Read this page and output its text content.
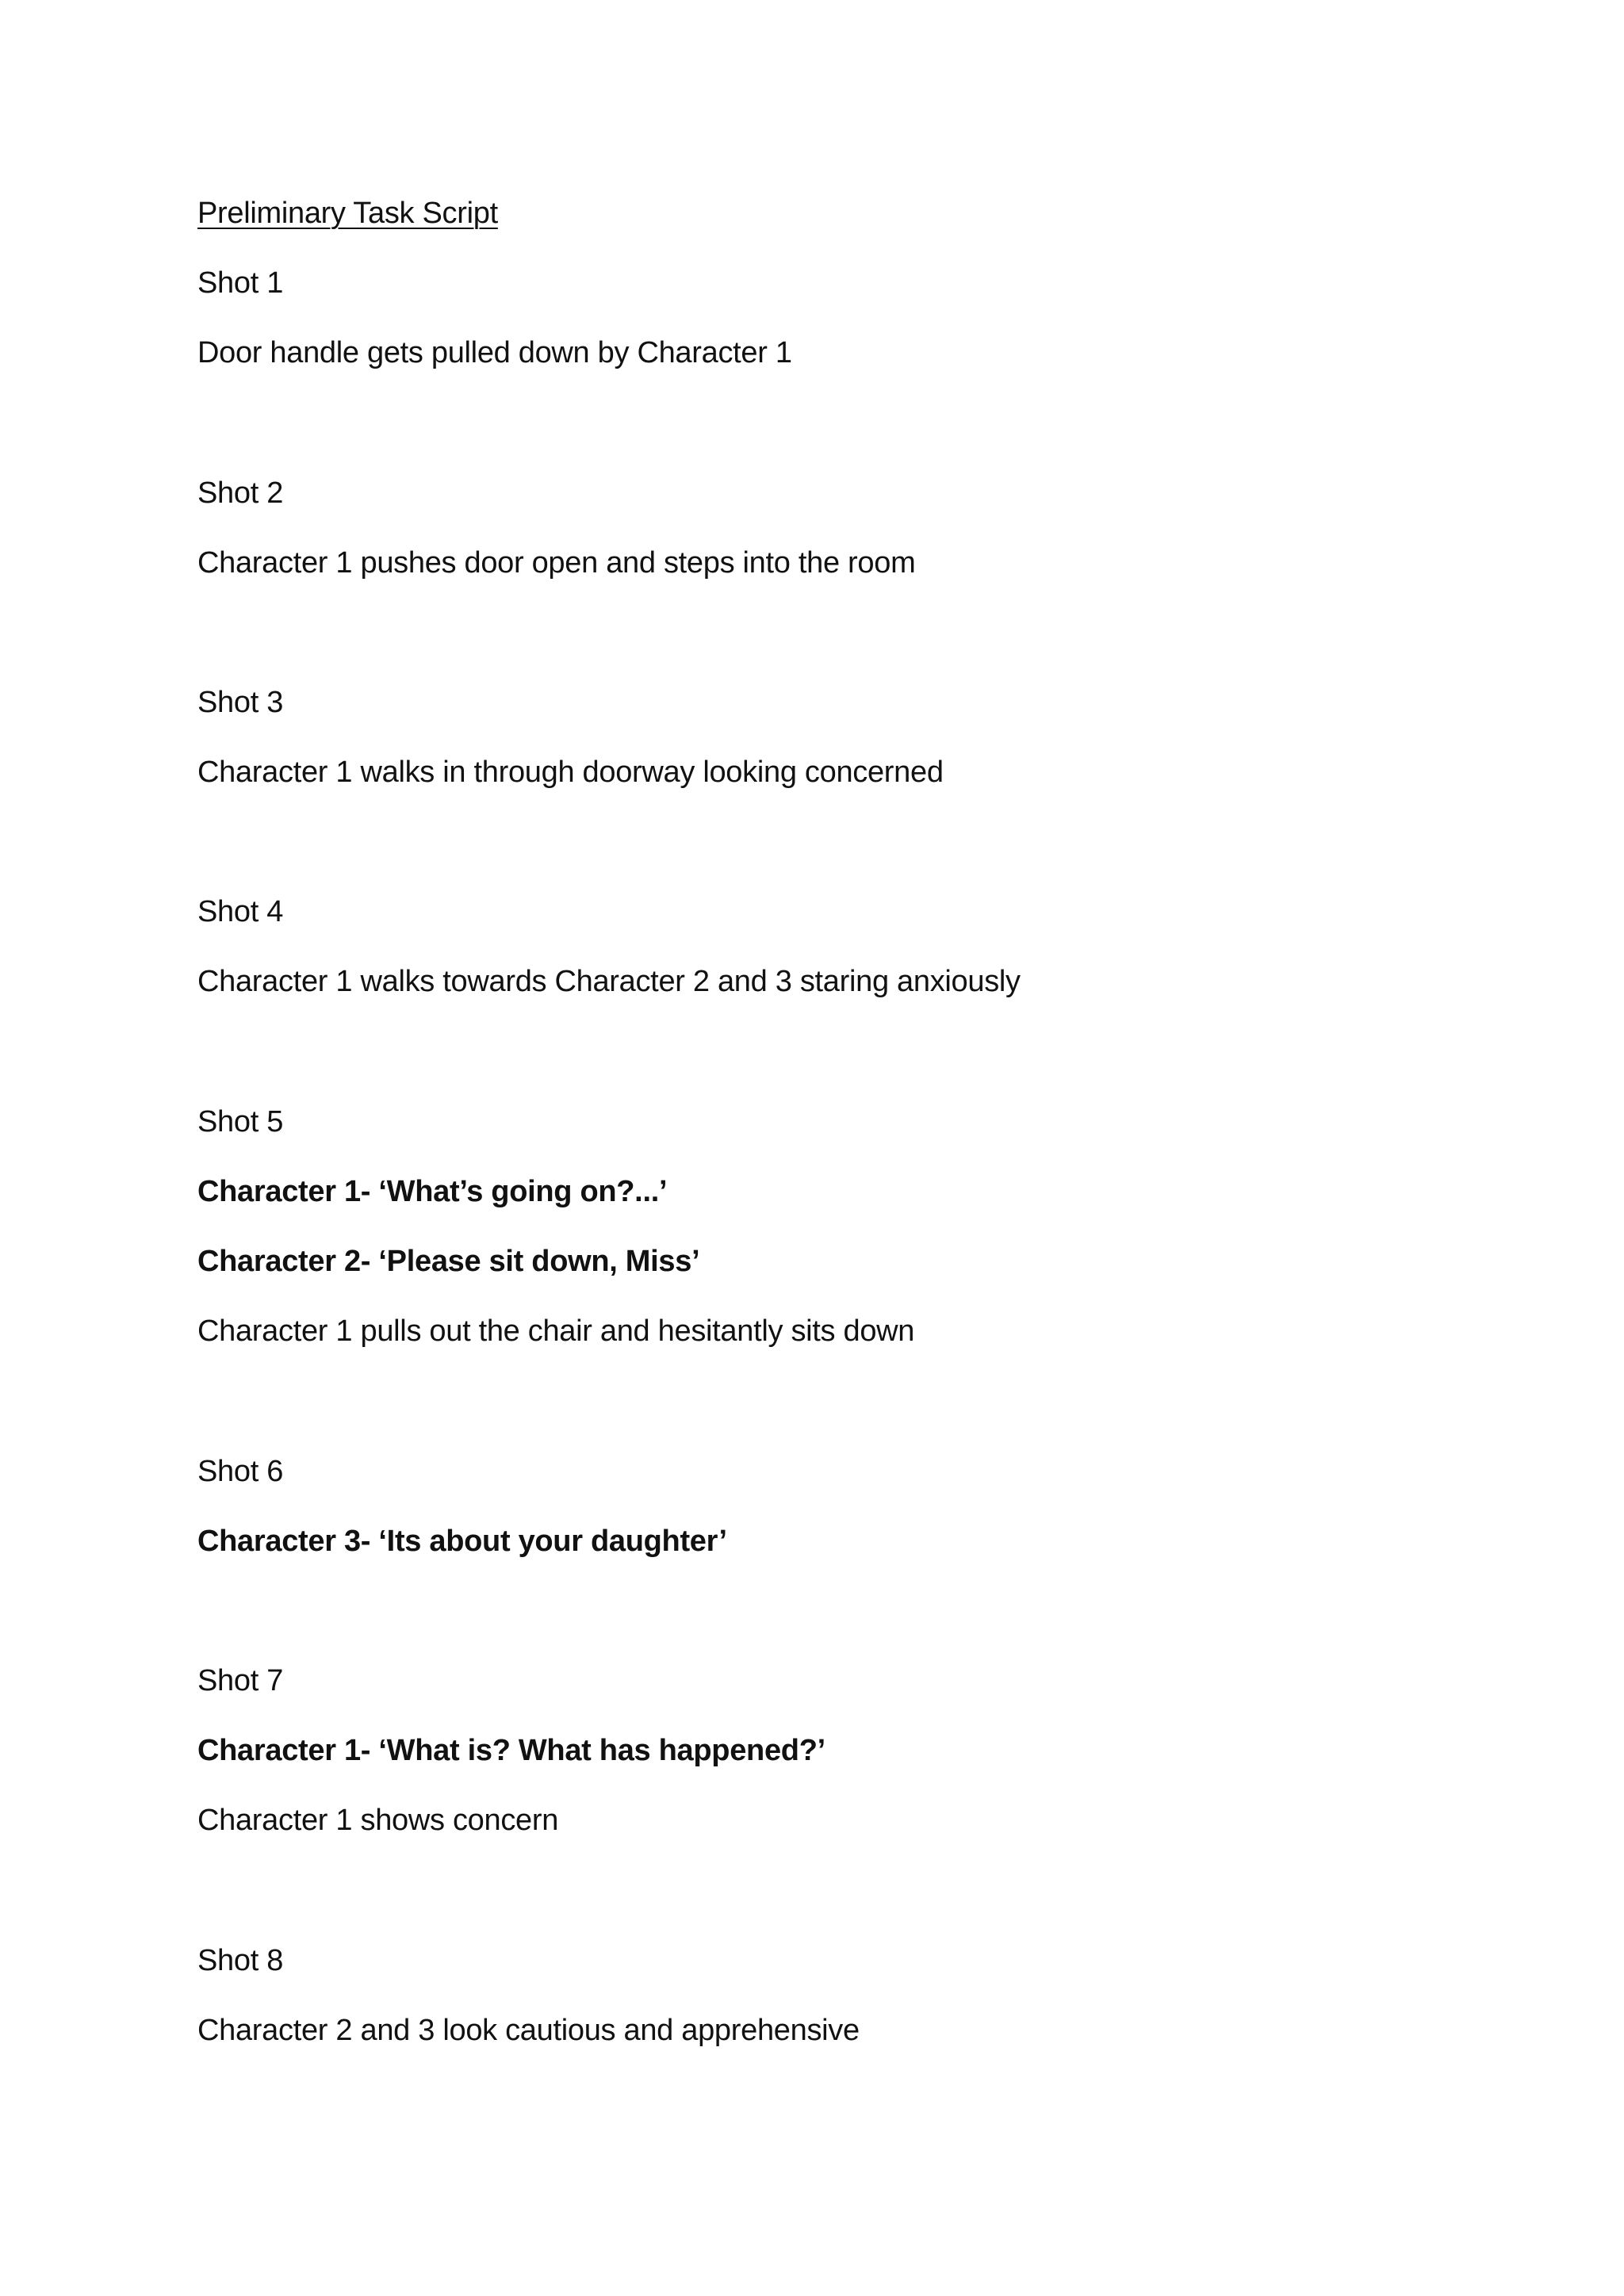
Preliminary Task Script
Shot 1
Door handle gets pulled down by Character 1
Shot 2
Character 1 pushes door open and steps into the room
Shot 3
Character 1 walks in through doorway looking concerned
Shot 4
Character 1 walks towards Character 2 and 3 staring anxiously
Shot 5
Character 1- ‘What’s going on?...’
Character 2- ‘Please sit down, Miss’
Character 1 pulls out the chair and hesitantly sits down
Shot 6
Character 3- ‘Its about your daughter’
Shot 7
Character 1- ‘What is? What has happened?’
Character 1 shows concern
Shot 8
Character 2 and 3 look cautious and apprehensive
